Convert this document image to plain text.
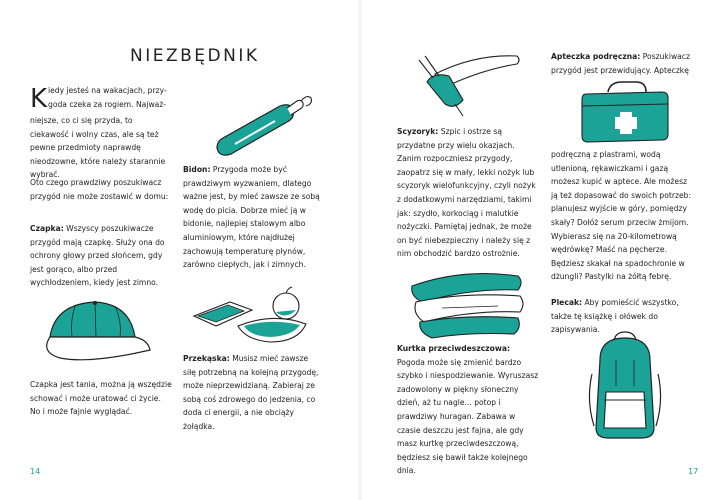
NIEZBĘDNIK
K iedy jesteś na wakacjach, przy-
goda czeka za rogiem. Najważ-
niejsze, co ci się przyda, to ciekawość i wolny czas, ale są też pewne przedmioty naprawdę nieodzowne, które należy starannie wybrać.
Oto czego prawdziwy poszukiwacz przygód nie może zostawić w domu:
Czapka: Wszyscy poszukiwacze przygód mają czapkę. Służy ona do ochrony głowy przed słońcem, gdy jest gorąco, albo przed wychłodzeniem, kiedy jest zimno.
Czapka jest tania, można ją wszędzie schować i może uratować ci życie. No i może fajnie wyglądać.
Bidon: Przygoda może być prawdziwym wyzwaniem, dlatego ważne jest, by mieć zawsze ze sobą wodę do picia. Dobrze mieć ją w bidonie, najlepiej stalowym albo aluminiowym, które najdłużej zachowują temperaturę płynów, zarówno ciepłych, jak i zimnych.
Przekąska: Musisz mieć zawsze siłę potrzebną na kolejną przygodę, może nieprzewidzianą. Zabieraj ze sobą coś zdrowego do jedzenia, co doda ci energii, a nie obciąży żołądka.
Scyzoryk: Szpic i ostrze są przydatne przy wielu okazjach. Zanim rozpoczniesz przygody, zaopatrz się w mały, lekki nożyk lub scyzoryk wielofunkcyjny, czyli nożyk z dodatkowymi narzędziami, takimi jak: szydło, korkociąg i malutkie nożyczki. Pamiętaj jednak, że może on być niebezpieczny i należy się z nim obchodzić bardzo ostrożnie.
Kurtka przeciwdeszczowa: Pogoda może się zmienić bardzo szybko i niespodziewanie. Wyruszasz zadowolony w piękny słoneczny dzień, aż tu nagle... potop i prawdziwy huragan. Zabawa w czasie deszczu jest fajna, ale gdy masz kurtkę przeciwdeszczową, będziesz się bawił także kolejnego dnia.
Apteczka podręczna: Poszukiwacz przygód jest przewidujący. Apteczkę
podręczną z plastrami, wodą utlenioną, rękawiczkami i gazą możesz kupić w aptece. Ale możesz ją też dopasować do swoich potrzeb: planujesz wyjście w góry, pomiędzy skały? Dołóż serum przeciw żmijom. Wybierasz się na 20-kilometrową wędrówkę? Maść na pęcherze. Będziesz skakał na spadochronie w dżungli? Pastylki na żółtą febrę.
Plecak: Aby pomieścić wszystko, także tę książkę i ołówek do zapisywania.
14	17
